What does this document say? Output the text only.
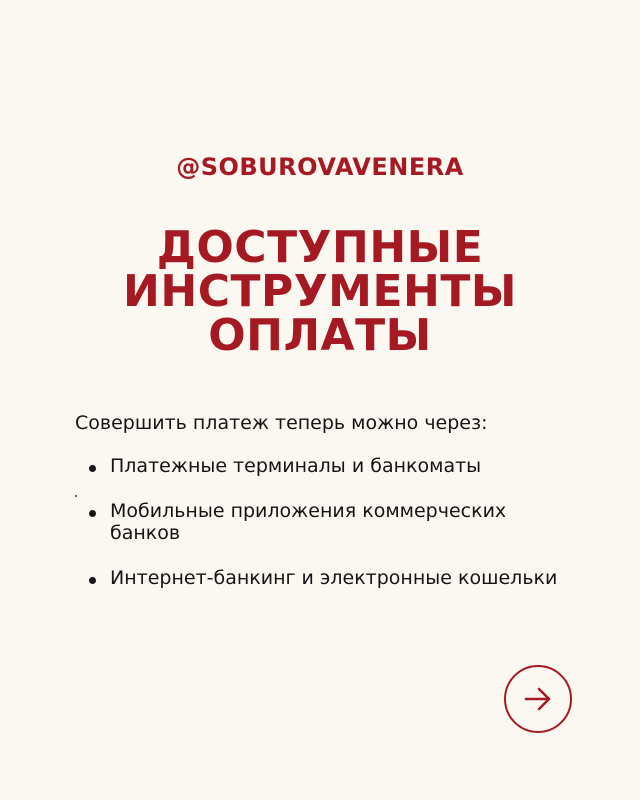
@SOBUROVAVENERA
ДОСТУПНЫЕ
ИНСТРУМЕНТЫ
ОПЛАТЫ
Совершить платеж теперь можно через:
Платежные терминалы и банкоматы
Мобильные приложения коммерческих банков
Интернет-банкинг и электронные кошельки
